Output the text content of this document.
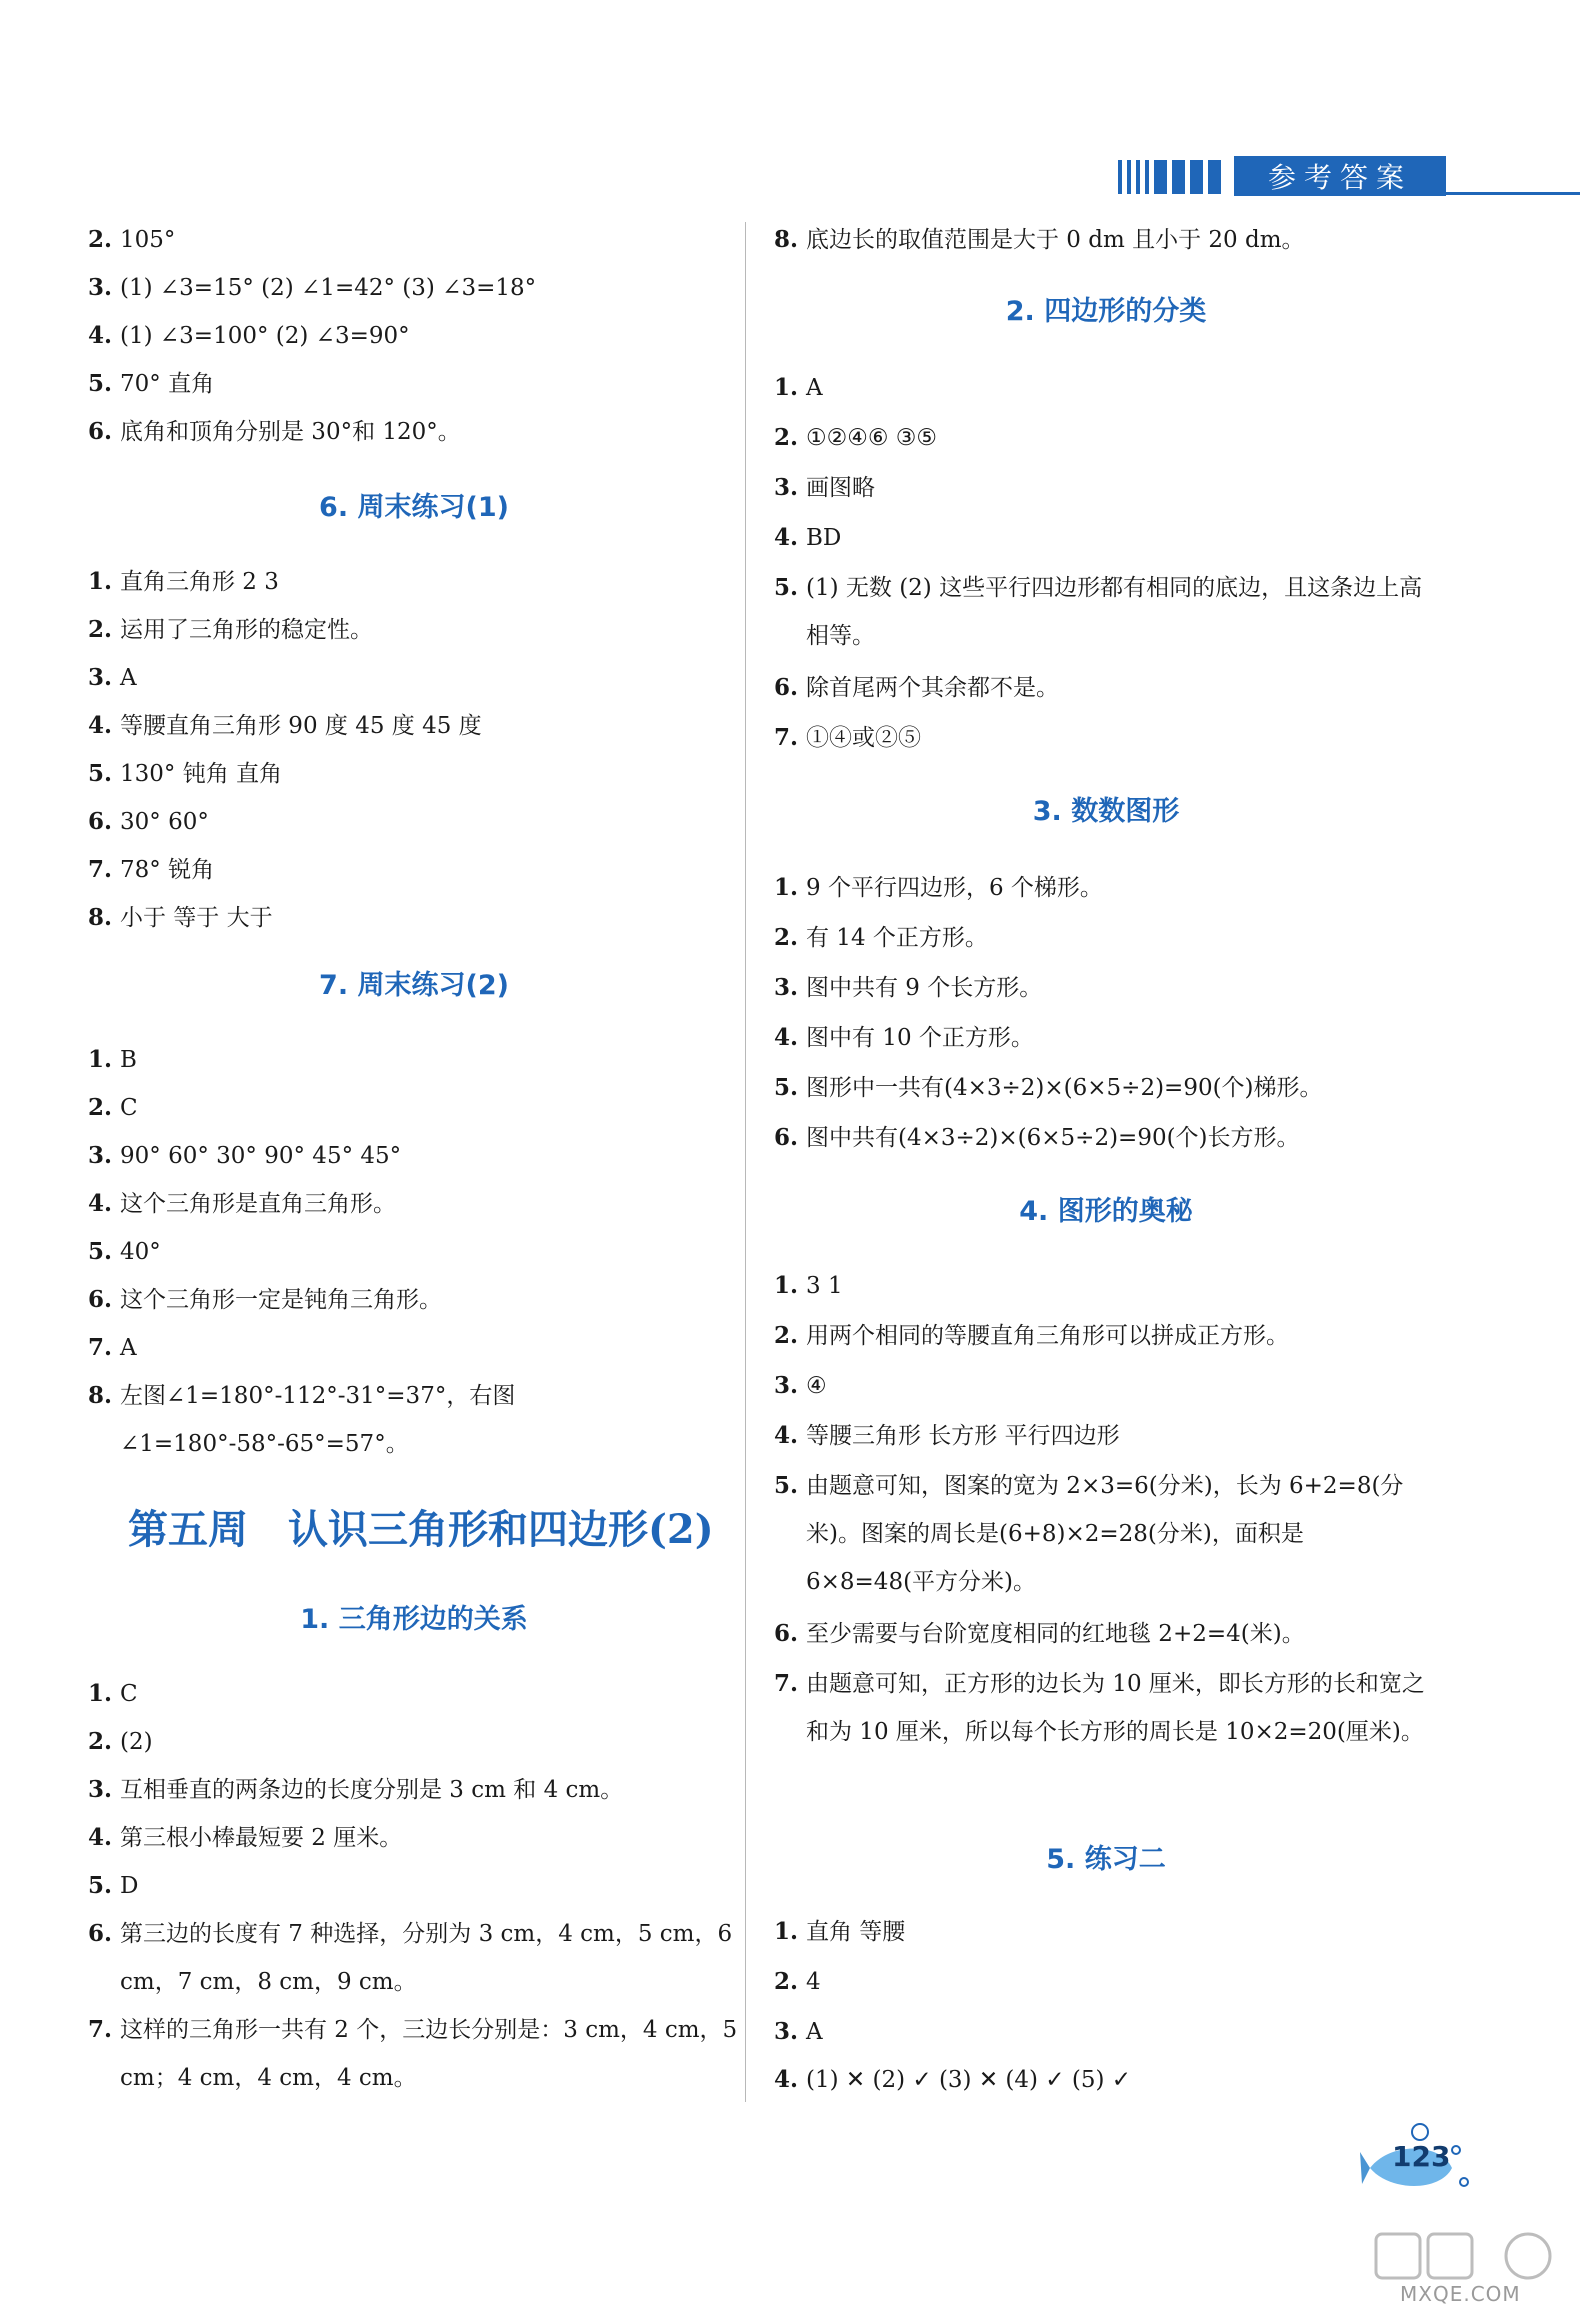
参考答案
2. 105°
3. (1) ∠3=15° (2) ∠1=42° (3) ∠3=18°
4. (1) ∠3=100° (2) ∠3=90°
5. 70° 直角
6. 底角和顶角分别是 30°和 120°。
6. 周末练习(1)
1. 直角三角形 2 3
2. 运用了三角形的稳定性。
3. A
4. 等腰直角三角形 90 度 45 度 45 度
5. 130° 钝角 直角
6. 30° 60°
7. 78° 锐角
8. 小于 等于 大于
7. 周末练习(2)
1. B
2. C
3. 90° 60° 30° 90° 45° 45°
4. 这个三角形是直角三角形。
5. 40°
6. 这个三角形一定是钝角三角形。
7. A
8. 左图∠1=180°-112°-31°=37°，右图∠1=180°-58°-65°=57°。
第五周 认识三角形和四边形(2)
1. 三角形边的关系
1. C
2. (2)
3. 互相垂直的两条边的长度分别是 3 cm 和 4 cm。
4. 第三根小棒最短要 2 厘米。
5. D
6. 第三边的长度有 7 种选择，分别为 3 cm，4 cm，5 cm，6 cm，7 cm，8 cm，9 cm。
7. 这样的三角形一共有 2 个，三边长分别是：3 cm，4 cm，5 cm；4 cm，4 cm，4 cm。
8. 底边长的取值范围是大于 0 dm 且小于 20 dm。
2. 四边形的分类
1. A
2. ①②④⑥ ③⑤
3. 画图略
4. BD
5. (1) 无数 (2) 这些平行四边形都有相同的底边，且这条边上高相等。
6. 除首尾两个其余都不是。
7. ①④或②⑤
3. 数数图形
1. 9 个平行四边形，6 个梯形。
2. 有 14 个正方形。
3. 图中共有 9 个长方形。
4. 图中有 10 个正方形。
5. 图形中一共有(4×3÷2)×(6×5÷2)=90(个)梯形。
6. 图中共有(4×3÷2)×(6×5÷2)=90(个)长方形。
4. 图形的奥秘
1. 3 1
2. 用两个相同的等腰直角三角形可以拼成正方形。
3. ④
4. 等腰三角形 长方形 平行四边形
5. 由题意可知，图案的宽为 2×3=6(分米)，长为 6+2=8(分米)。图案的周长是(6+8)×2=28(分米)，面积是 6×8=48(平方分米)。
6. 至少需要与台阶宽度相同的红地毯 2+2=4(米)。
7. 由题意可知，正方形的边长为 10 厘米，即长方形的长和宽之和为 10 厘米，所以每个长方形的周长是 10×2=20(厘米)。
5. 练习二
1. 直角 等腰
2. 4
3. A
4. (1) ✕ (2) ✓ (3) ✕ (4) ✓ (5) ✓
123
MXQE.COM
